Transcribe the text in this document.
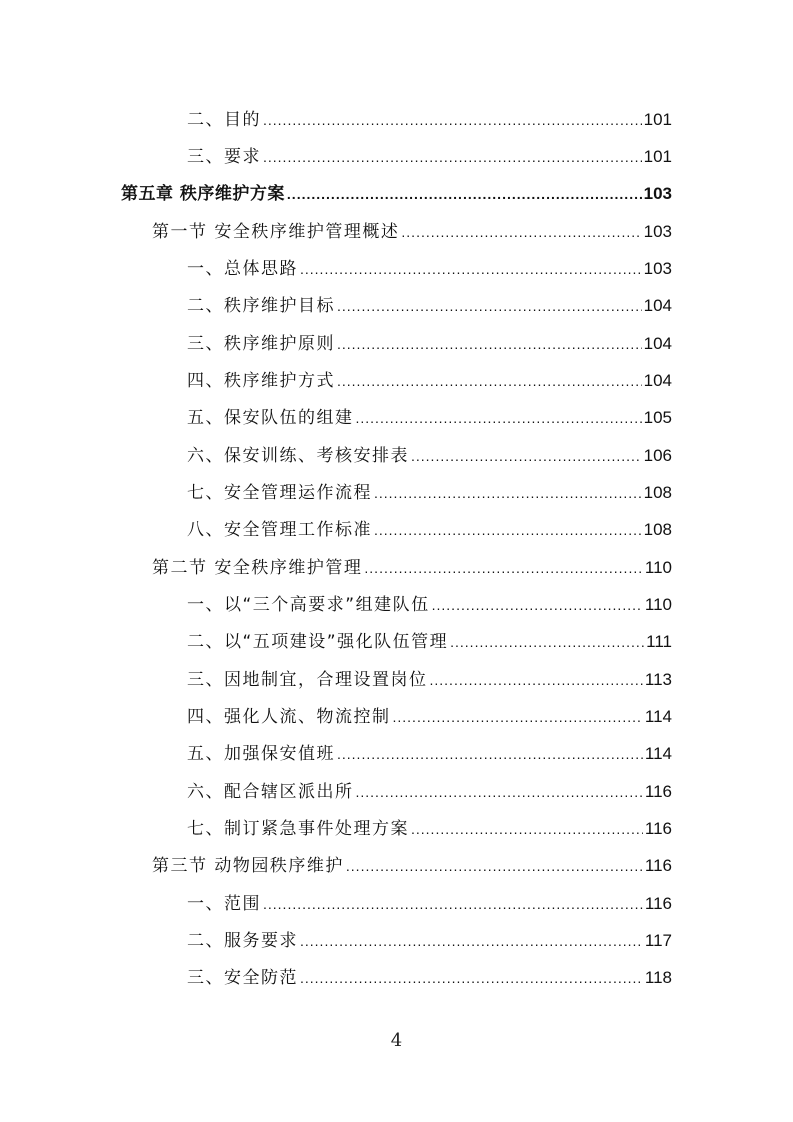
二、目的 .....	101
三、要求 .....	101
第五章 秩序维护方案 .....	103
第一节 安全秩序维护管理概述 .....	103
一、总体思路 .....	103
二、秩序维护目标 .....	104
三、秩序维护原则 .....	104
四、秩序维护方式 .....	104
五、保安队伍的组建 .....	105
六、保安训练、考核安排表 .....	106
七、安全管理运作流程 .....	108
八、安全管理工作标准 .....	108
第二节 安全秩序维护管理 .....	110
一、以“三个高要求”组建队伍 .....	110
二、以“五项建设”强化队伍管理 .....	111
三、因地制宜，合理设置岗位 .....	113
四、强化人流、物流控制 .....	114
五、加强保安值班 .....	114
六、配合辖区派出所 .....	116
七、制订紧急事件处理方案 .....	116
第三节 动物园秩序维护 .....	116
一、范围 .....	116
二、服务要求 .....	117
三、安全防范 .....	118
4
